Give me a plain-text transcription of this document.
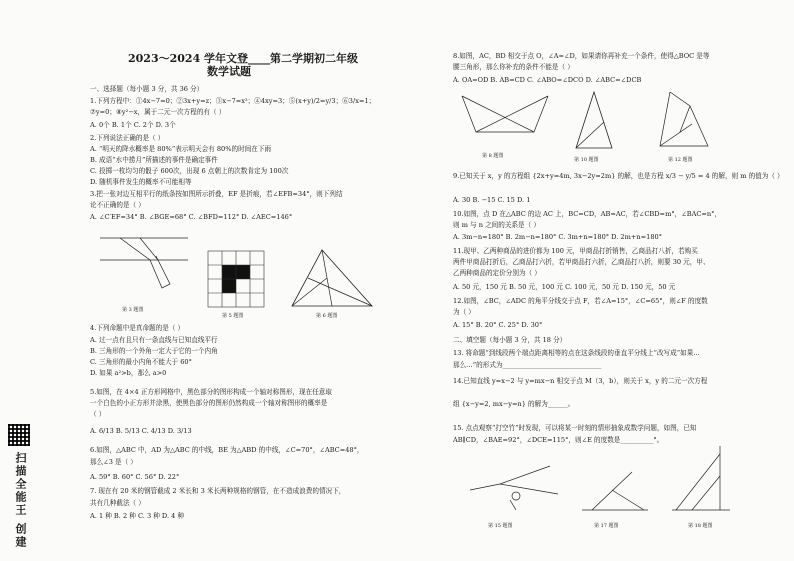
2023～2024 学年文登____第二学期初二年级
数学试题
一、选择题（每小题 3 分，共 36 分）
1.下列方程中：①4x−7=0；②3x+y=z；③x−7=x²；④4xy=3；⑤(x+y)/2=y/3；⑥3/x=1；
⑦y=0；⑧y²−x，属于二元一次方程的有（ ）
A. 0个 B. 1个 C. 2个 D. 3个
2.下列说法正确的是（ ）
A. “明天的降水概率是 80%”表示明天会有 80%的时间在下雨
B. 成语“水中捞月”所描述的事件是确定事件
C. 投掷一枚均匀的骰子 600次，出现 6 点朝上的次数肯定为 100次
D. 随机事件发生的概率不可能相等
3.把一张对边互相平行的纸条按如图所示折叠，EF 是折痕，若∠EFB=34°，则下列结
论不正确的是（ ）
A. ∠C′EF=34° B. ∠BGE=68° C. ∠BFD=112° D. ∠AEC=146°
第 3 题图
第 5 题图	第 6 题图
4.下列命题中是真命题的是（ ）
A. 过一点有且只有一条直线与已知直线平行
B. 三角形的一个外角一定大于它的一个内角
C. 三角形的最小内角不能大于 60°
D. 如果 a²>b，那么 a>0
5.如图，在 4×4 正方形网格中，黑色部分的图形构成一个轴对称图形，现在任意取
一个白色的小正方形并涂黑，使黑色部分的图形仍然构成一个轴对称图形的概率是
（ ）
A. 6/13 B. 5/13 C. 4/13 D. 3/13
6.如图，△ABC 中，AD 为△ABC 的中线，BE 为△ABD 的中线，∠C=70°，∠ABC=48°，
那么∠3 是（ ）
A. 59° B. 60° C. 56° D. 22°
7. 现在有 20 米的钢管截成 2 米长和 3 米长两种规格的钢管，在不造成浪费的情况下，
共有几种截法（ ）
A. 1 种 B. 2 种 C. 3 种 D. 4 种
8.如图，AC，BD 相交于点 O，∠A=∠D，如果请你再补充一个条件，使得△BOC 是等
腰三角形，那么你补充的条件不能是（ ）
A. OA=OD B. AB=CD C. ∠ABO=∠DCO D. ∠ABC=∠DCB
第 8 题图
第 10 题图	第 12 题图
9.已知关于 x，y 的方程组 {2x+y=4m, 3x−2y=2m} 的解，也是方程 x/3 − y/5 = 4 的解，则 m 的值为（ ）
A. 30 B. −15 C. 15 D. 1
10.如图，点 D 在△ABC 的边 AC 上，BC=CD，AB=AC，若∠CBD=m°，∠BAC=n°，
则 m 与 n 之间的关系是（ ）
A. 3m−n=180° B. 2m−n=180° C. 3m+n=180° D. 2m+n=180°
11.现甲、乙两种商品的进价都为 100 元，甲商品打折销售，乙商品打八折，若购买
两件甲商品打折后，乙商品打六折，若甲商品打六折，乙商品打八折，则要 30 元，甲、
乙两种商品的定价分别为（ ）
A. 50 元，150 元 B. 50 元，100 元 C. 100 元，50 元 D. 150 元，50 元
12.如图，∠BC，∠ADC 的角平分线交于点 F，若∠A=15°，∠C=65°，则∠F 的度数
为（ ）
A. 15° B. 20° C. 25° D. 30°
二、填空题（每小题 3 分，共 18 分）
13. 将命题“到线段两个端点距离相等的点在这条线段的垂直平分线上”改写成“如果…
那么…”的形式为______________________________
14.已知直线 y=x−2 与 y=mx−n 相交于点 M（3，b），则关于 x，y 的二元一次方程
组 {x−y=2, mx−y=n} 的解为______。
15. 点点观察“打空竹”时发现，可以将某一时刻的情形抽象成数学问题，如图，已知
AB∥CD，∠BAE=92°，∠DCE=115°，则∠E 的度数是__________°。
第 15 题图	第 17 题图	第 18 题图
扫描全能王 创建
